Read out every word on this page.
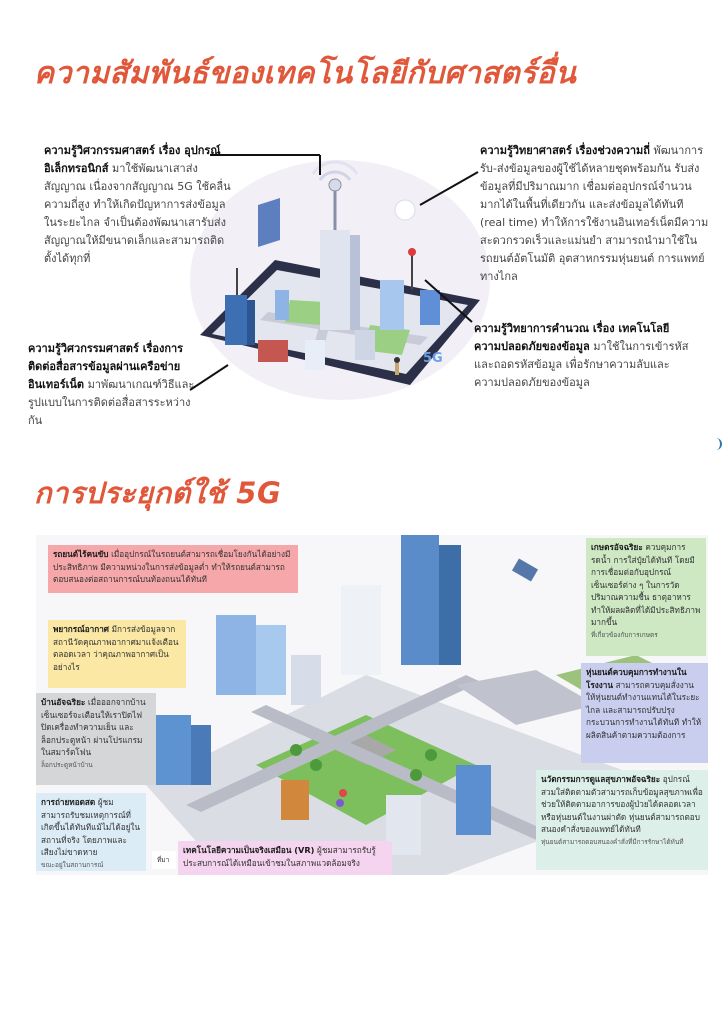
ความสัมพันธ์ของเทคโนโลยีกับศาสตร์อื่น
5G
ความรู้วิศวกรรมศาสตร์ เรื่อง อุปกรณ์อิเล็กทรอนิกส์ มาใช้พัฒนาเสาส่งสัญญาณ เนื่องจากสัญญาณ 5G ใช้คลื่นความถี่สูง ทำให้เกิดปัญหาการส่งข้อมูลในระยะไกล จำเป็นต้องพัฒนาเสารับส่งสัญญาณให้มีขนาดเล็กและสามารถติดตั้งได้ทุกที่
ความรู้วิทยาศาสตร์ เรื่องช่วงความถี่ พัฒนาการรับ-ส่งข้อมูลของผู้ใช้ได้หลายชุดพร้อมกัน รับส่งข้อมูลที่มีปริมาณมาก เชื่อมต่ออุปกรณ์จำนวนมากได้ในพื้นที่เดียวกัน และส่งข้อมูลได้ทันที (real time) ทำให้การใช้งานอินเทอร์เน็ตมีความสะดวกรวดเร็วและแม่นยำ สามารถนำมาใช้ในรถยนต์อัตโนมัติ อุตสาหกรรมหุ่นยนต์ การแพทย์ทางไกล
ความรู้วิศวกรรมศาสตร์ เรื่องการติดต่อสื่อสารข้อมูลผ่านเครือข่ายอินเทอร์เน็ต มาพัฒนาเกณฑ์วิธีและรูปแบบในการติดต่อสื่อสารระหว่างกัน
ความรู้วิทยาการคำนวณ เรื่อง เทคโนโลยีความปลอดภัยของข้อมูล มาใช้ในการเข้ารหัสและถอดรหัสข้อมูล เพื่อรักษาความลับและความปลอดภัยของข้อมูล
การประยุกต์ใช้ 5G
รถยนต์ไร้คนขับ เมื่ออุปกรณ์ในรถยนต์สามารถเชื่อมโยงกันได้อย่างมีประสิทธิภาพ มีความหน่วงในการส่งข้อมูลต่ำ ทำให้รถยนต์สามารถตอบสนองต่อสถานการณ์บนท้องถนนได้ทันที
พยากรณ์อากาศ มีการส่งข้อมูลจากสถานีวัดคุณภาพอากาศมาแจ้งเตือนตลอดเวลา ว่าคุณภาพอากาศเป็นอย่างไร
บ้านอัจฉริยะ เมื่อออกจากบ้านเซ็นเซอร์จะเตือนให้เราปิดไฟ ปิดเครื่องทำความเย็น และ ล็อกประตูหน้า ผ่านโปรแกรมในสมาร์ตโฟน
ล็อกประตูหน้าบ้าน
การถ่ายทอดสด ผู้ชมสามารถรับชมเหตุการณ์ที่เกิดขึ้นได้ทันทีแม้ไม่ได้อยู่ในสถานที่จริง โดยภาพและเสียงไม่ขาดหาย
ขณะอยู่ในสถานการณ์
ที่มา
เทคโนโลยีความเป็นจริงเสมือน (VR) ผู้ชมสามารถรับรู้ประสบการณ์ได้เหมือนเข้าชมในสภาพแวดล้อมจริง
เกษตรอัจฉริยะ ควบคุมการรดน้ำ การใส่ปุ๋ยได้ทันที โดยมีการเชื่อมต่อกับอุปกรณ์เซ็นเซอร์ต่าง ๆ ในการวัดปริมาณความชื้น ธาตุอาหาร ทำให้ผลผลิตที่ได้มีประสิทธิภาพมากขึ้น
ที่เกี่ยวข้องกับการเกษตร
หุ่นยนต์ควบคุมการทำงานในโรงงาน สามารถควบคุมสั่งงานให้หุ่นยนต์ทำงานแทนได้ในระยะไกล และสามารถปรับปรุงกระบวนการทำงานได้ทันที ทำให้ผลิตสินค้าตามความต้องการ
นวัตกรรมการดูแลสุขภาพอัจฉริยะ อุปกรณ์สวมใส่ติดตามตัวสามารถเก็บข้อมูลสุขภาพเพื่อช่วยให้ติดตามอาการของผู้ป่วยได้ตลอดเวลา หรือหุ่นยนต์ในงานผ่าตัด หุ่นยนต์สามารถตอบสนองคำสั่งของแพทย์ได้ทันที
หุ่นยนต์สามารถตอบสนองคำสั่งที่มีการรักษาได้ทันที
